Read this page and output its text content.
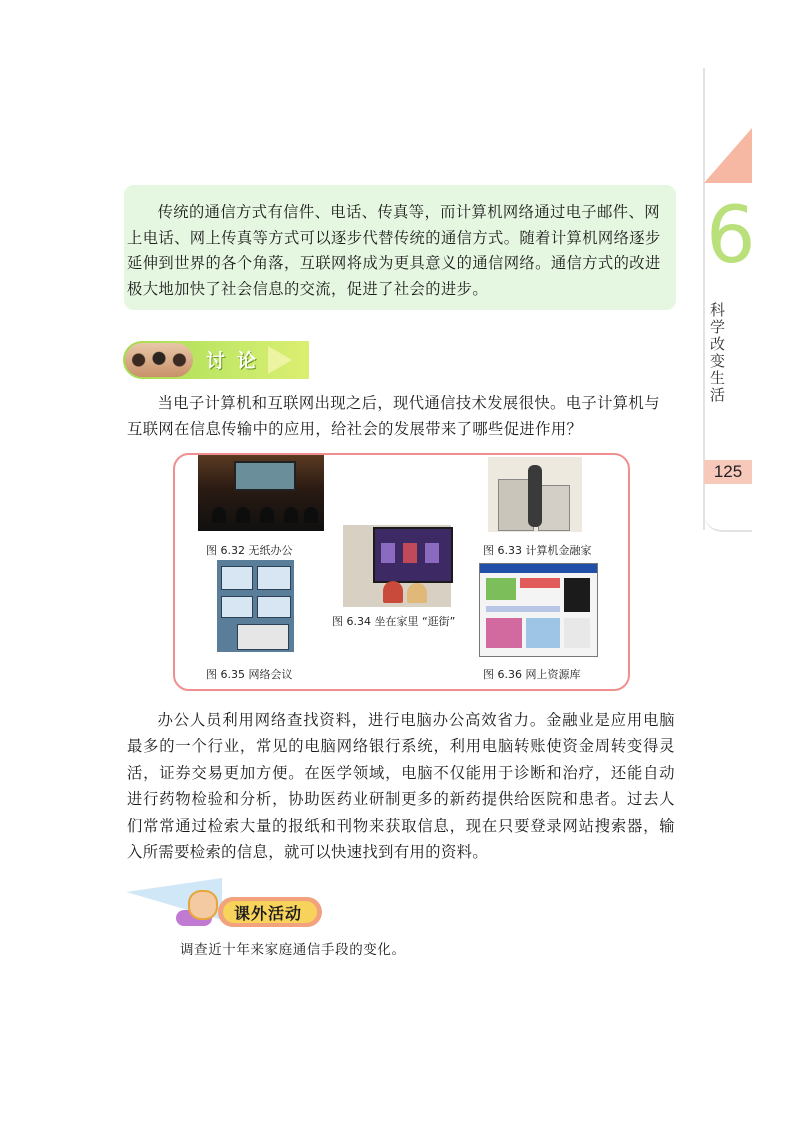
6
科学改变生活
125

传统的通信方式有信件、电话、传真等，而计算机网络通过电子邮件、网上电话、网上传真等方式可以逐步代替传统的通信方式。随着计算机网络逐步延伸到世界的各个角落，互联网将成为更具意义的通信网络。通信方式的改进极大地加快了社会信息的交流，促进了社会的进步。

讨论

当电子计算机和互联网出现之后，现代通信技术发展很快。电子计算机与互联网在信息传输中的应用，给社会的发展带来了哪些促进作用？

图 6.32 无纸办公	图 6.33 计算机金融家
图 6.34 坐在家里 “逛街”
图 6.35 网络会议	图 6.36 网上资源库

办公人员利用网络查找资料，进行电脑办公高效省力。金融业是应用电脑最多的一个行业，常见的电脑网络银行系统，利用电脑转账使资金周转变得灵活，证券交易更加方便。在医学领域，电脑不仅能用于诊断和治疗，还能自动进行药物检验和分析，协助医药业研制更多的新药提供给医院和患者。过去人们常常通过检索大量的报纸和刊物来获取信息，现在只要登录网站搜索器，输入所需要检索的信息，就可以快速找到有用的资料。

课外活动

调查近十年来家庭通信手段的变化。
